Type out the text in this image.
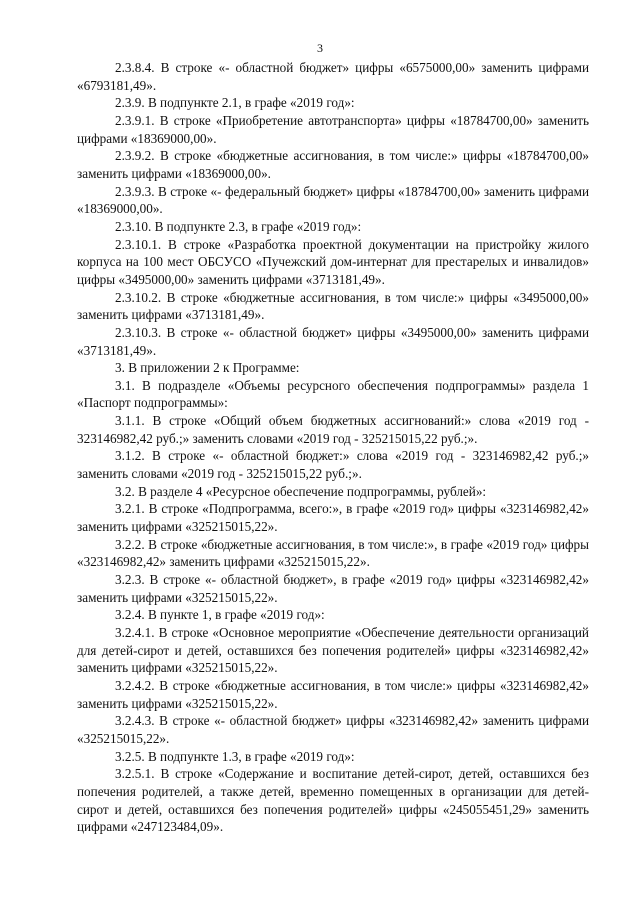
3

2.3.8.4. В строке «- областной бюджет» цифры «6575000,00» заменить цифрами «6793181,49».

2.3.9. В подпункте 2.1, в графе «2019 год»:

2.3.9.1. В строке «Приобретение автотранспорта» цифры «18784700,00» заменить цифрами «18369000,00».

2.3.9.2. В строке «бюджетные ассигнования, в том числе:» цифры «18784700,00» заменить цифрами «18369000,00».

2.3.9.3. В строке «- федеральный бюджет» цифры «18784700,00» заменить цифрами «18369000,00».

2.3.10. В подпункте 2.3, в графе «2019 год»:

2.3.10.1. В строке «Разработка проектной документации на пристройку жилого корпуса на 100 мест ОБСУСО «Пучежский дом-интернат для престарелых и инвалидов» цифры «3495000,00» заменить цифрами «3713181,49».

2.3.10.2. В строке «бюджетные ассигнования, в том числе:» цифры «3495000,00» заменить цифрами «3713181,49».

2.3.10.3. В строке «- областной бюджет» цифры «3495000,00» заменить цифрами «3713181,49».

3. В приложении 2 к Программе:

3.1. В подразделе «Объемы ресурсного обеспечения подпрограммы» раздела 1 «Паспорт подпрограммы»:

3.1.1. В строке «Общий объем бюджетных ассигнований:» слова «2019 год - 323146982,42 руб.;» заменить словами «2019 год - 325215015,22 руб.;».

3.1.2. В строке «- областной бюджет:» слова «2019 год - 323146982,42 руб.;» заменить словами «2019 год - 325215015,22 руб.;».

3.2. В разделе 4 «Ресурсное обеспечение подпрограммы, рублей»:

3.2.1. В строке «Подпрограмма, всего:», в графе «2019 год» цифры «323146982,42» заменить цифрами «325215015,22».

3.2.2. В строке «бюджетные ассигнования, в том числе:», в графе «2019 год» цифры «323146982,42» заменить цифрами «325215015,22».

3.2.3. В строке «- областной бюджет», в графе «2019 год» цифры «323146982,42» заменить цифрами «325215015,22».

3.2.4. В пункте 1, в графе «2019 год»:

3.2.4.1. В строке «Основное мероприятие «Обеспечение деятельности организаций для детей-сирот и детей, оставшихся без попечения родителей» цифры «323146982,42» заменить цифрами «325215015,22».

3.2.4.2. В строке «бюджетные ассигнования, в том числе:» цифры «323146982,42» заменить цифрами «325215015,22».

3.2.4.3. В строке «- областной бюджет» цифры «323146982,42» заменить цифрами «325215015,22».

3.2.5. В подпункте 1.3, в графе «2019 год»:

3.2.5.1. В строке «Содержание и воспитание детей-сирот, детей, оставшихся без попечения родителей, а также детей, временно помещенных в организации для детей-сирот и детей, оставшихся без попечения родителей» цифры «245055451,29» заменить цифрами «247123484,09».
